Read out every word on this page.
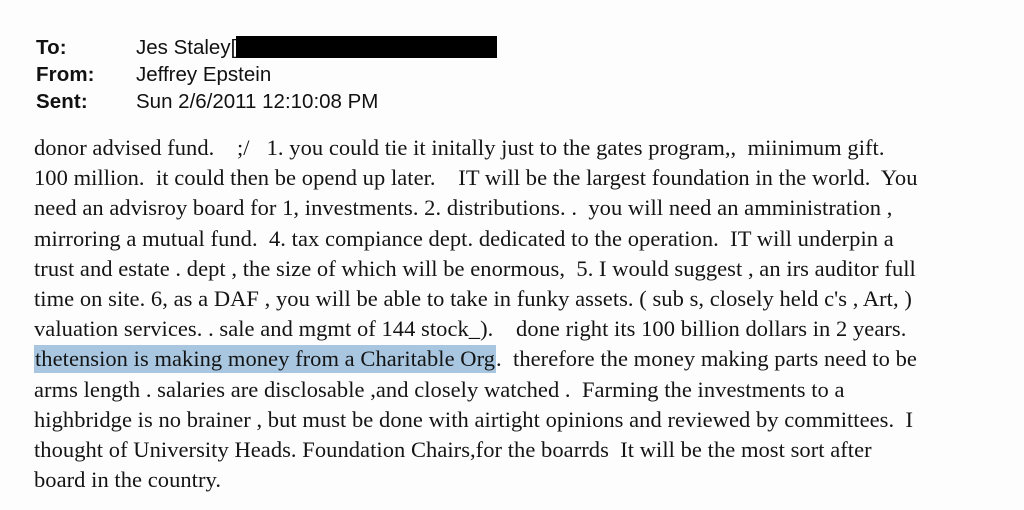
To:	Jes Staley[
From:	Jeffrey Epstein
Sent:	Sun 2/6/2011 12:10:08 PM
donor advised fund.    ;/   1. you could tie it initally just to the gates program,,  miinimum gift.
100 million.  it could then be opend up later.    IT will be the largest foundation in the world.  You
need an advisroy board for 1, investments. 2. distributions. .  you will need an amministration ,
mirroring a mutual fund.  4. tax compiance dept. dedicated to the operation.  IT will underpin a
trust and estate . dept , the size of which will be enormous,  5. I would suggest , an irs auditor full
time on site. 6, as a DAF , you will be able to take in funky assets. ( sub s, closely held c's , Art, )
valuation services. . sale and mgmt of 144 stock_).    done right its 100 billion dollars in 2 years.
thetension is making money from a Charitable Org.  therefore the money making parts need to be
arms length . salaries are disclosable ,and closely watched .  Farming the investments to a
highbridge is no brainer , but must be done with airtight opinions and reviewed by committees.  I
thought of University Heads. Foundation Chairs,for the boarrds  It will be the most sort after
board in the country.
